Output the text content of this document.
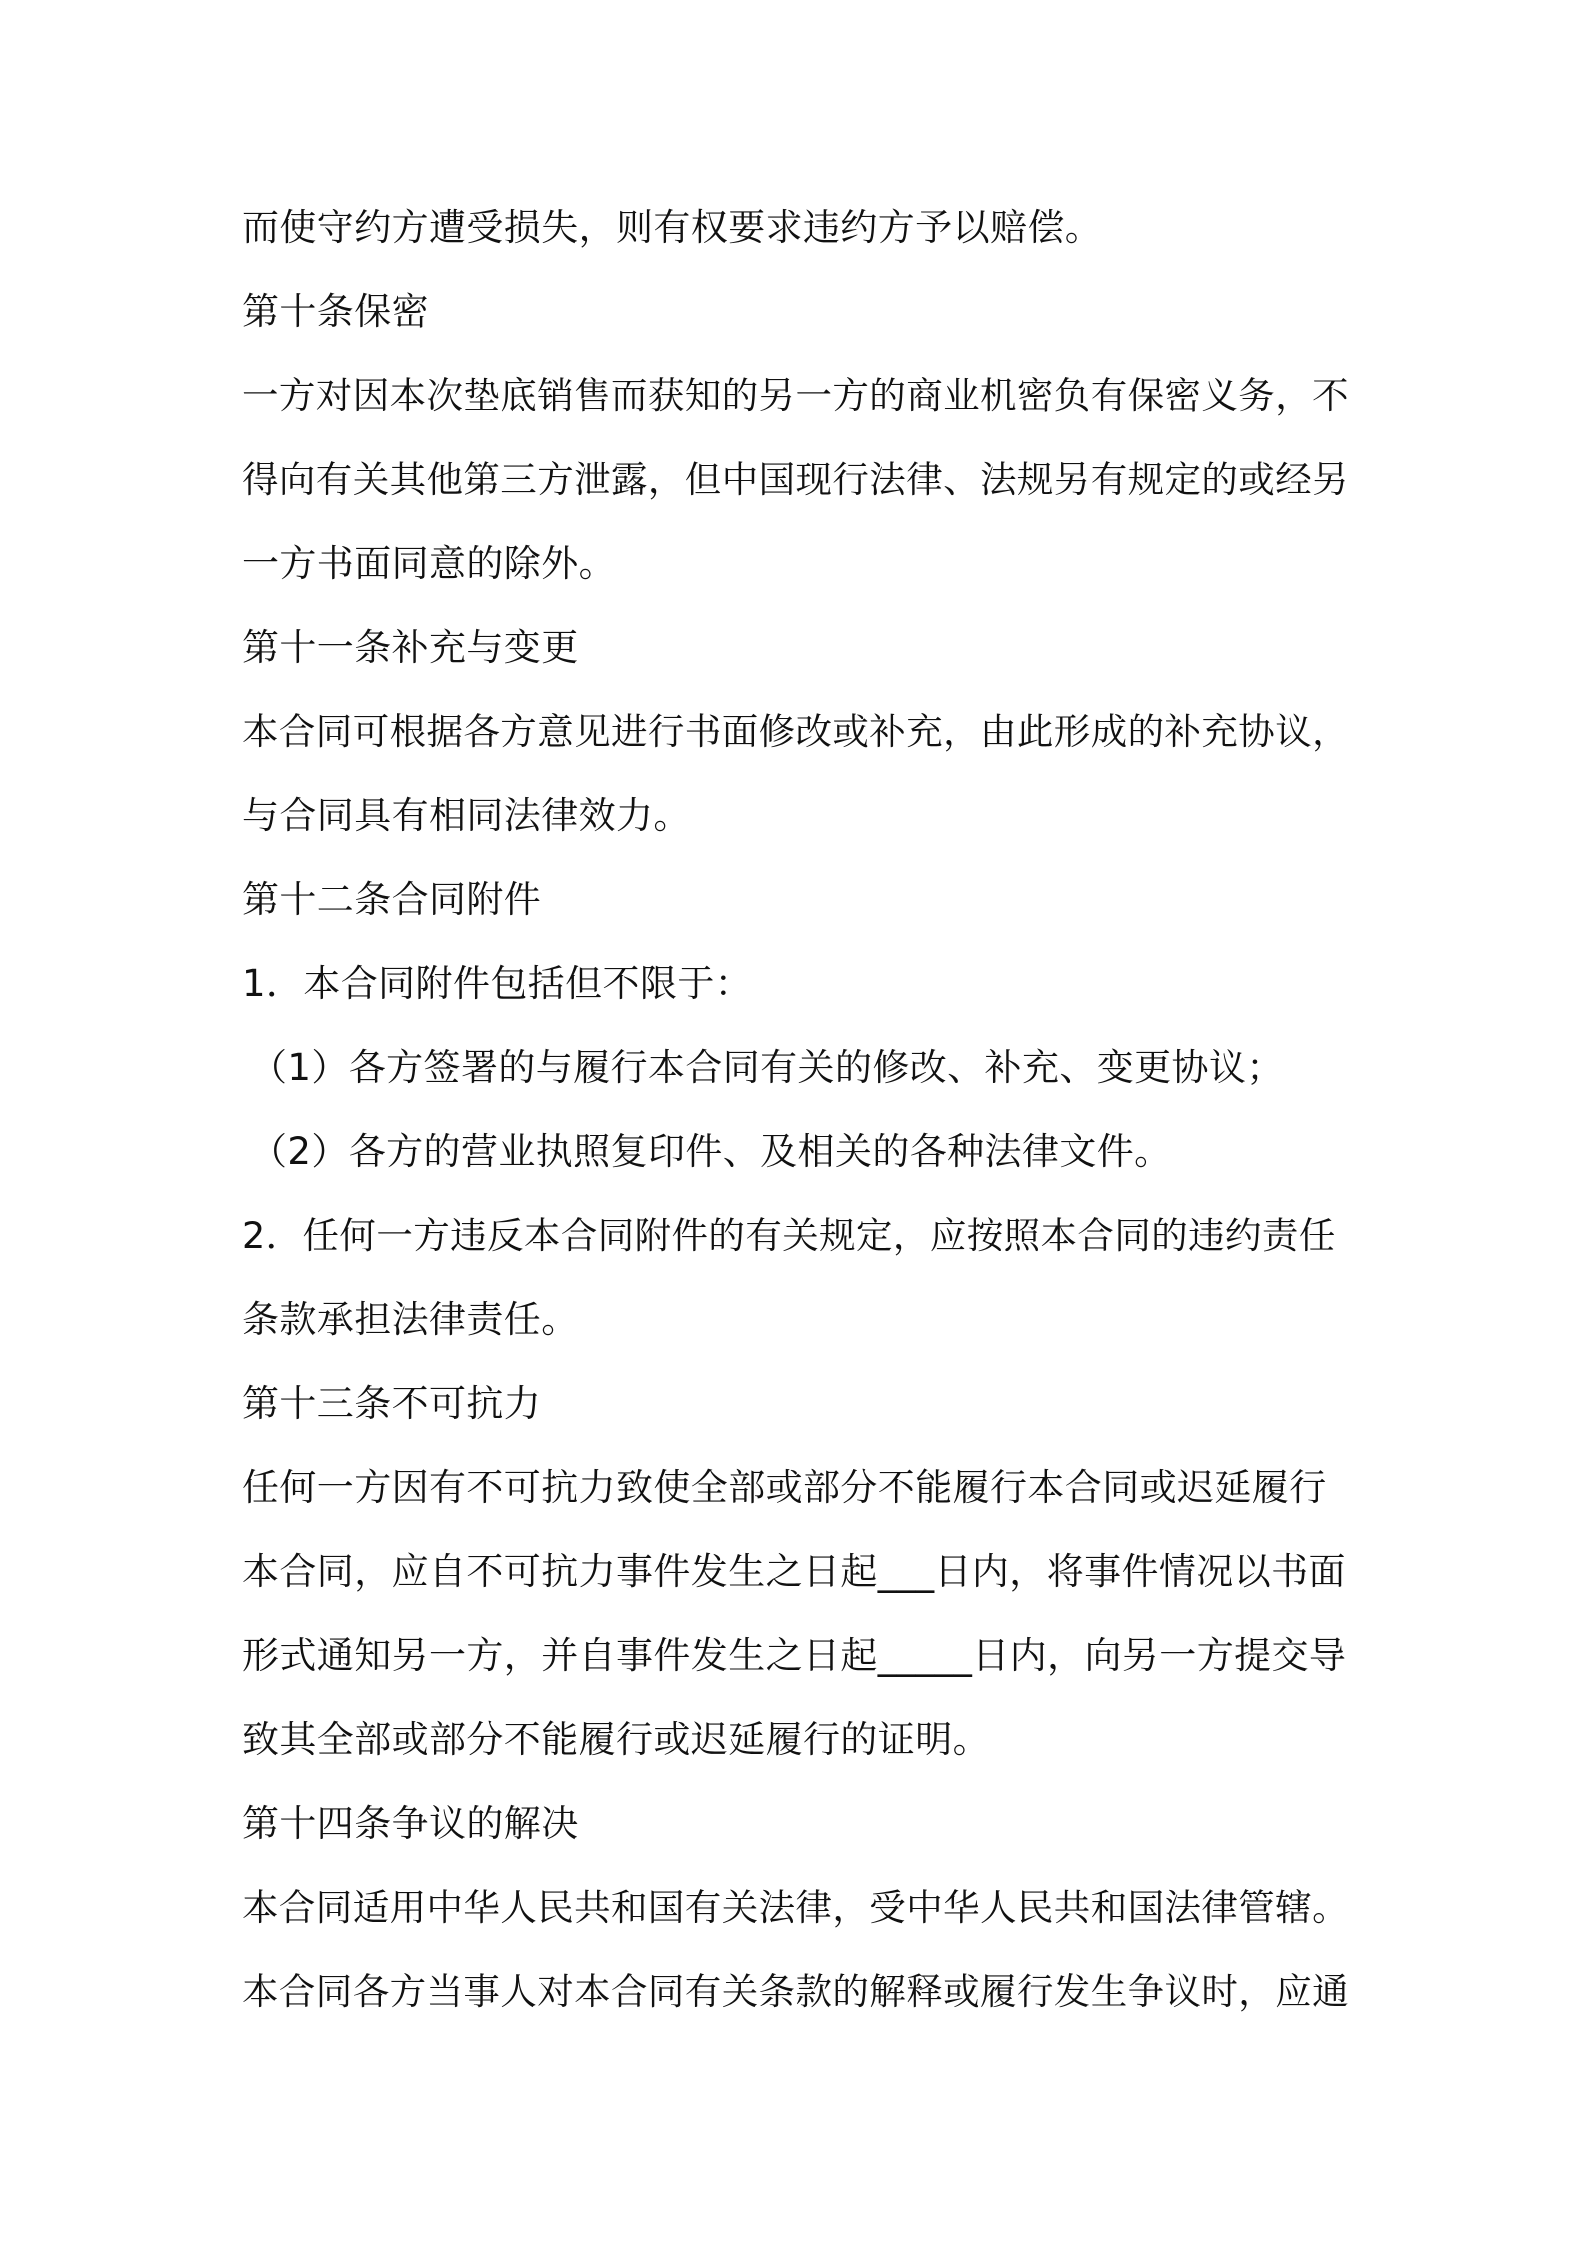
而使守约方遭受损失，则有权要求违约方予以赔偿。
第十条保密
一方对因本次垫底销售而获知的另一方的商业机密负有保密义务，不
得向有关其他第三方泄露，但中国现行法律、法规另有规定的或经另
一方书面同意的除外。
第十一条补充与变更
本合同可根据各方意见进行书面修改或补充，由此形成的补充协议，
与合同具有相同法律效力。
第十二条合同附件
1．本合同附件包括但不限于：
（1）各方签署的与履行本合同有关的修改、补充、变更协议；
（2）各方的营业执照复印件、及相关的各种法律文件。
2．任何一方违反本合同附件的有关规定，应按照本合同的违约责任
条款承担法律责任。
第十三条不可抗力
任何一方因有不可抗力致使全部或部分不能履行本合同或迟延履行
本合同，应自不可抗力事件发生之日起___日内，将事件情况以书面
形式通知另一方，并自事件发生之日起_____日内，向另一方提交导
致其全部或部分不能履行或迟延履行的证明。
第十四条争议的解决
本合同适用中华人民共和国有关法律，受中华人民共和国法律管辖。
本合同各方当事人对本合同有关条款的解释或履行发生争议时，应通
